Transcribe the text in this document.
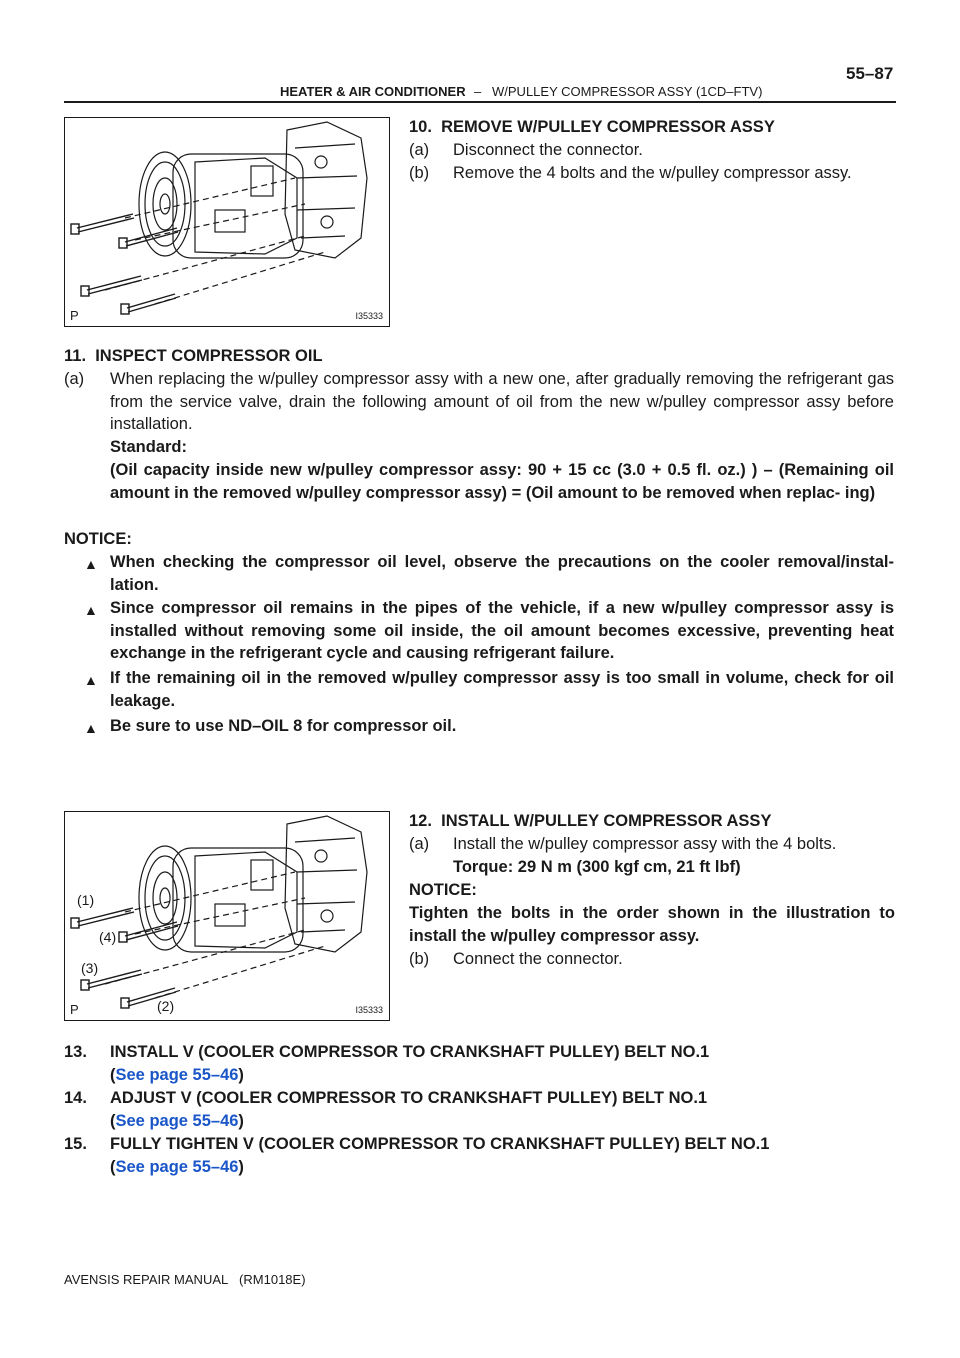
55–87
HEATER & AIR CONDITIONER – W/PULLEY COMPRESSOR ASSY (1CD–FTV)
P	I35333
10.  REMOVE W/PULLEY COMPRESSOR ASSY
(a) Disconnect the connector.
(b) Remove the 4 bolts and the w/pulley compressor assy.
11.  INSPECT COMPRESSOR OIL
(a) When replacing the w/pulley compressor assy with a new one, after gradually removing the refrigerant gas from the service valve, drain the following amount of oil from the new w/pulley compressor assy before installation.
Standard:
(Oil capacity inside new w/pulley compressor assy: 90 + 15 cc (3.0 + 0.5 fl. oz.) ) – (Remaining oil amount in the removed w/pulley compressor assy) = (Oil amount to be removed when replac- ing)
NOTICE:
▲ When checking the compressor oil level, observe the precautions on the cooler removal/instal- lation.
▲ Since compressor oil remains in the pipes of the vehicle, if a new w/pulley compressor assy is installed without removing some oil inside, the oil amount becomes excessive, preventing heat exchange in the refrigerant cycle and causing refrigerant failure.
▲ If the remaining oil in the removed w/pulley compressor assy is too small in volume, check for oil leakage.
▲ Be sure to use ND–OIL 8 for compressor oil.
(1)
(4)
(3)
(2)
P	I35333
12.  INSTALL W/PULLEY COMPRESSOR ASSY
(a) Install the w/pulley compressor assy with the 4 bolts.
Torque: 29 N m (300 kgf cm, 21 ft lbf)
NOTICE:
Tighten the bolts in the order shown in the illustration to install the w/pulley compressor assy.
(b) Connect the connector.
13. INSTALL V (COOLER COMPRESSOR TO CRANKSHAFT PULLEY) BELT NO.1
(See page 55–46)
14. ADJUST V (COOLER COMPRESSOR TO CRANKSHAFT PULLEY) BELT NO.1
(See page 55–46)
15. FULLY TIGHTEN V (COOLER COMPRESSOR TO CRANKSHAFT PULLEY) BELT NO.1
(See page 55–46)
AVENSIS REPAIR MANUAL   (RM1018E)
